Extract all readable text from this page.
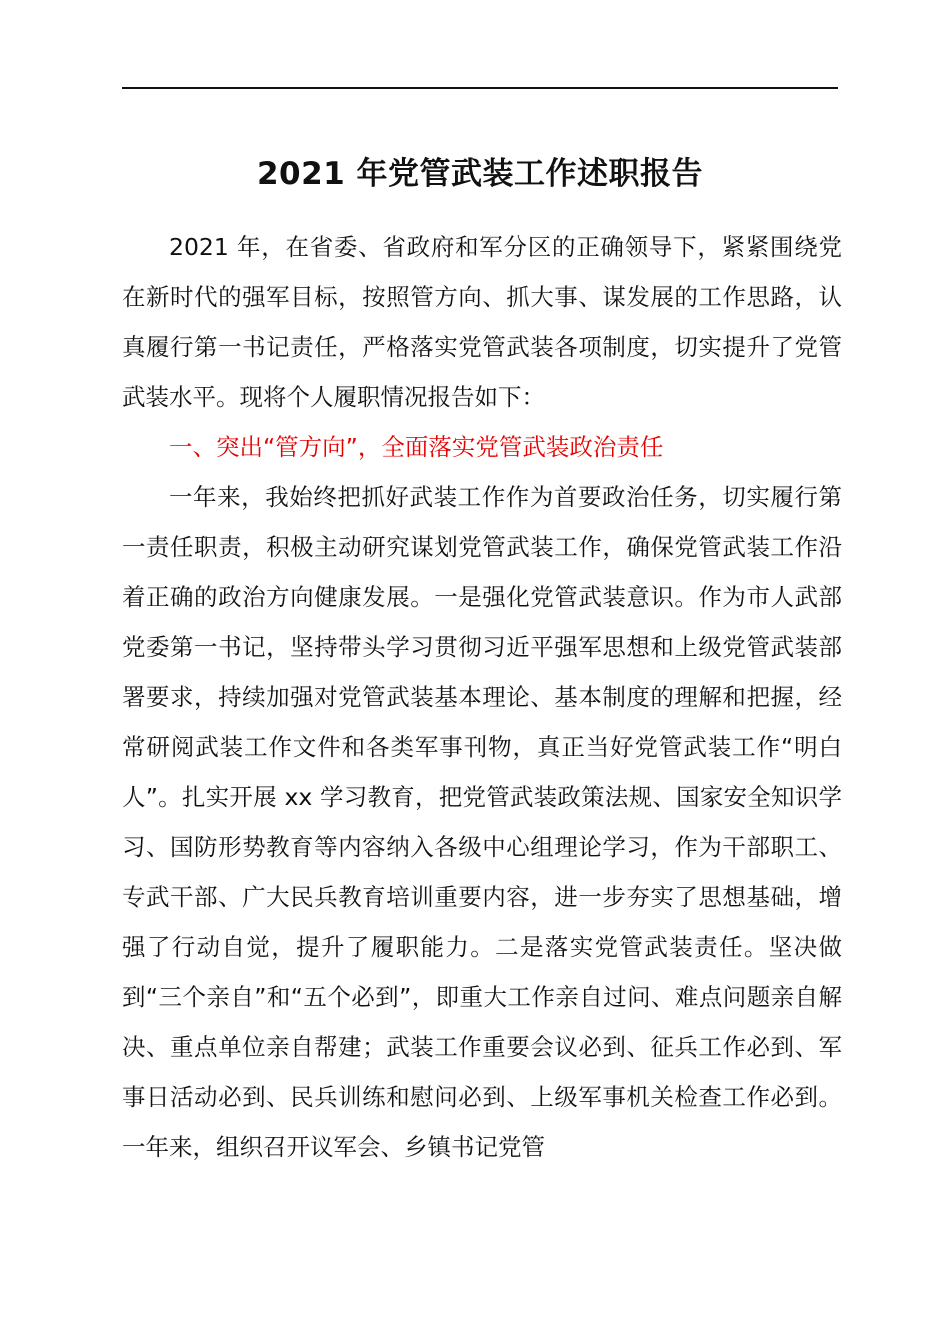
2021 年党管武装工作述职报告

2021 年，在省委、省政府和军分区的正确领导下，紧紧围绕党在新时代的强军目标，按照管方向、抓大事、谋发展的工作思路，认真履行第一书记责任，严格落实党管武装各项制度，切实提升了党管武装水平。现将个人履职情况报告如下：

一、突出“管方向”，全面落实党管武装政治责任

一年来，我始终把抓好武装工作作为首要政治任务，切实履行第一责任职责，积极主动研究谋划党管武装工作，确保党管武装工作沿着正确的政治方向健康发展。一是强化党管武装意识。作为市人武部党委第一书记，坚持带头学习贯彻习近平强军思想和上级党管武装部署要求，持续加强对党管武装基本理论、基本制度的理解和把握，经常研阅武装工作文件和各类军事刊物，真正当好党管武装工作“明白人”。扎实开展 xx 学习教育，把党管武装政策法规、国家安全知识学习、国防形势教育等内容纳入各级中心组理论学习，作为干部职工、专武干部、广大民兵教育培训重要内容，进一步夯实了思想基础，增强了行动自觉，提升了履职能力。二是落实党管武装责任。坚决做到“三个亲自”和“五个必到”，即重大工作亲自过问、难点问题亲自解决、重点单位亲自帮建；武装工作重要会议必到、征兵工作必到、军事日活动必到、民兵训练和慰问必到、上级军事机关检查工作必到。一年来，组织召开议军会、乡镇书记党管
